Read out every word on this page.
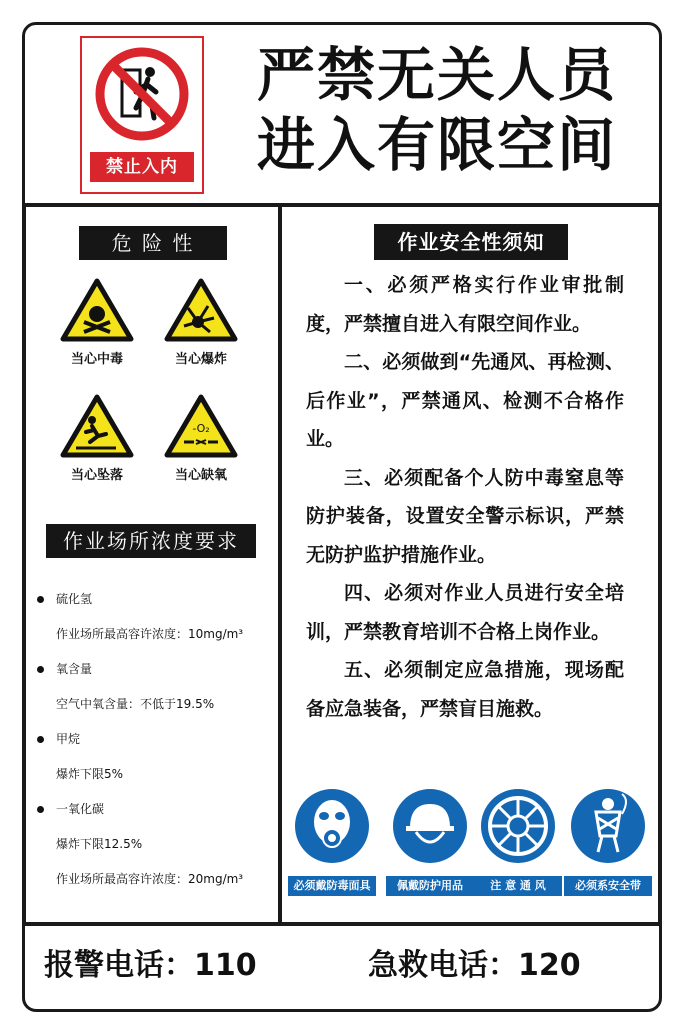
禁止入内
严禁无关人员
进入有限空间
危 险 性
当心中毒	当心爆炸
当心坠落
-O₂
当心缺氧
作业场所浓度要求
硫化氢
作业场所最高容许浓度：10mg/m³
氧含量
空气中氧含量：不低于19.5%
甲烷
爆炸下限5%
一氧化碳
爆炸下限12.5%
作业场所最高容许浓度：20mg/m³
作业安全性须知

一、必须严格实行作业审批制度，严禁擅自进入有限空间作业。

二、必须做到“先通风、再检测、后作业”，严禁通风、检测不合格作业。

三、必须配备个人防中毒窒息等防护装备，设置安全警示标识，严禁无防护监护措施作业。

四、必须对作业人员进行安全培训，严禁教育培训不合格上岗作业。

五、必须制定应急措施，现场配备应急装备，严禁盲目施救。

必须戴防毒面具	佩戴防护用品	注 意 通 风	必须系安全带
报警电话：110	急救电话：120
